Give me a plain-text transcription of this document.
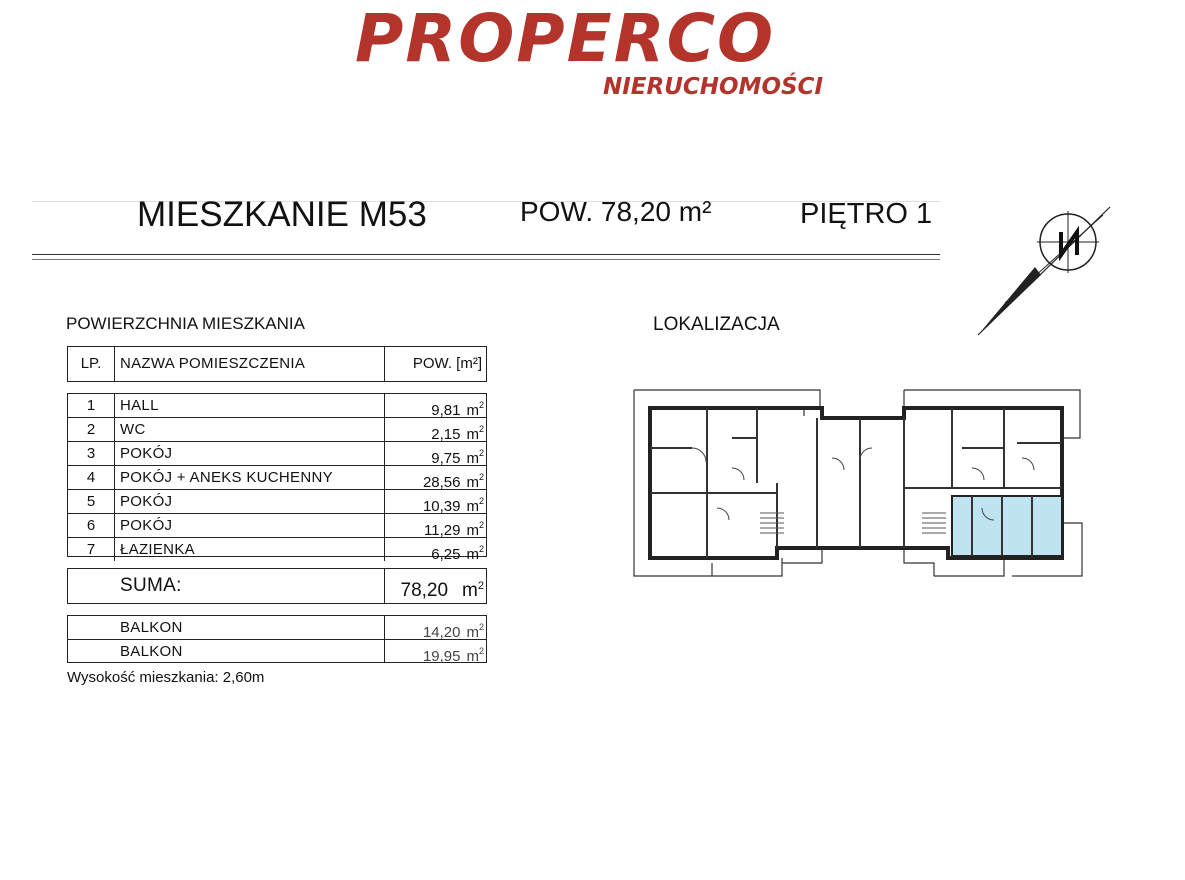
PROPERCO
NIERUCHOMOŚCI
MIESZKANIE M53	POW. 78,20 m²	PIĘTRO 1
POWIERZCHNIA MIESZKANIA	LOKALIZACJA
LP.	NAZWA POMIESZCZENIA	POW. [m²]
1	HALL	9,81 $m^2$
2	WC	2,15 $m^2$
3	POKÓJ	9,75 $m^2$
4	POKÓJ + ANEKS KUCHENNY	28,56 $m^2$
5	POKÓJ	10,39 $m^2$
6	POKÓJ	11,29 $m^2$
7	ŁAZIENKA	6,25 $m^2$
SUMA:	78,20 $m^2$
BALKON	14,20 $m^2$
BALKON	19,95 $m^2$
Wysokość mieszkania: 2,60m
